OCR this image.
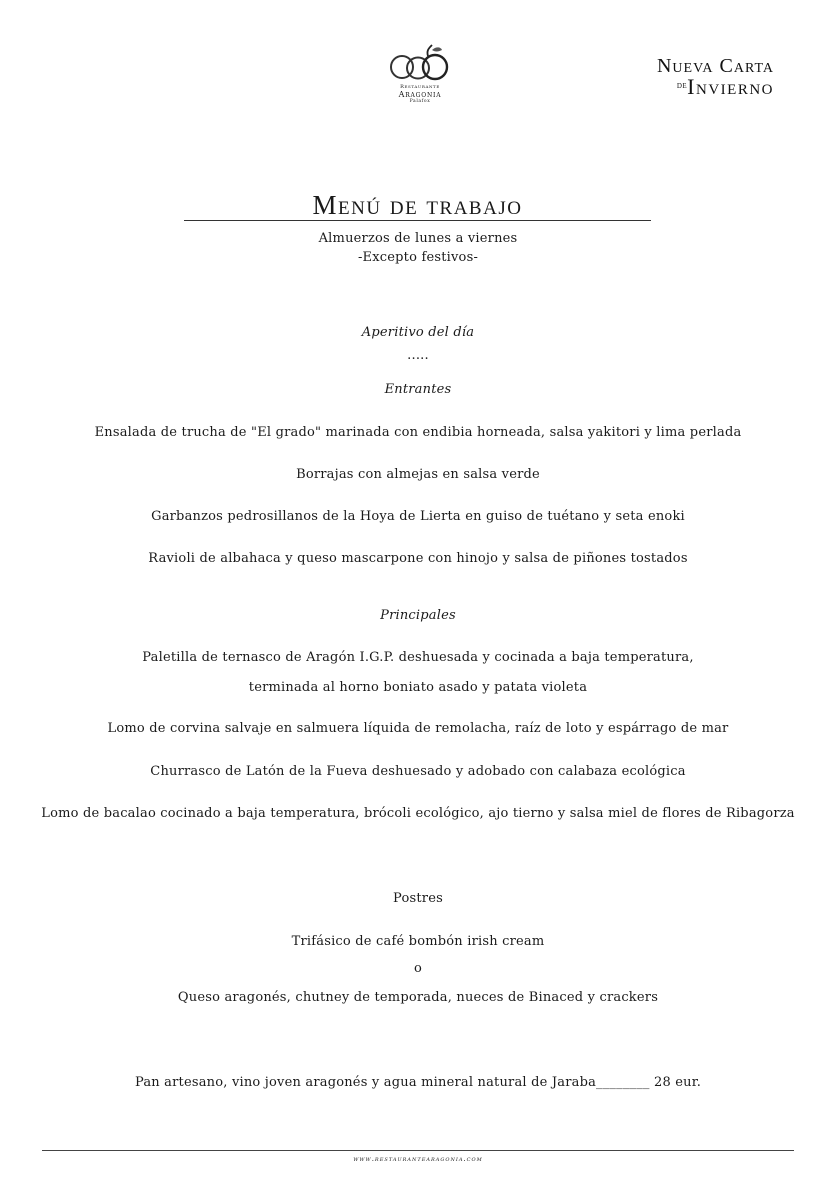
Restaurante
Aragonia
Palafox
Nueva Carta
$^{de}$Invierno
Menú de trabajo
Almuerzos de lunes a viernes
-Excepto festivos-
Aperitivo del día
.....
Entrantes
Ensalada de trucha de "El grado" marinada con endibia horneada, salsa yakitori y lima perlada
Borrajas con almejas en salsa verde
Garbanzos pedrosillanos de la Hoya de Lierta en guiso de tuétano y seta enoki
Ravioli de albahaca y queso mascarpone con hinojo y salsa de piñones tostados
Principales
Paletilla de ternasco de Aragón I.G.P. deshuesada y cocinada a baja temperatura,
terminada al horno boniato asado y patata violeta
Lomo de corvina salvaje en salmuera líquida de remolacha, raíz de loto y espárrago de mar
Churrasco de Latón de la Fueva deshuesado y adobado con calabaza ecológica
Lomo de bacalao cocinado a baja temperatura, brócoli ecológico, ajo tierno y salsa miel de flores de Ribagorza
Postres
Trifásico de café bombón irish cream
o
Queso aragonés, chutney de temporada, nueces de Binaced y crackers
Pan artesano, vino joven aragonés y agua mineral natural de Jaraba________ 28 eur.
www.restaurantearagonia.com
